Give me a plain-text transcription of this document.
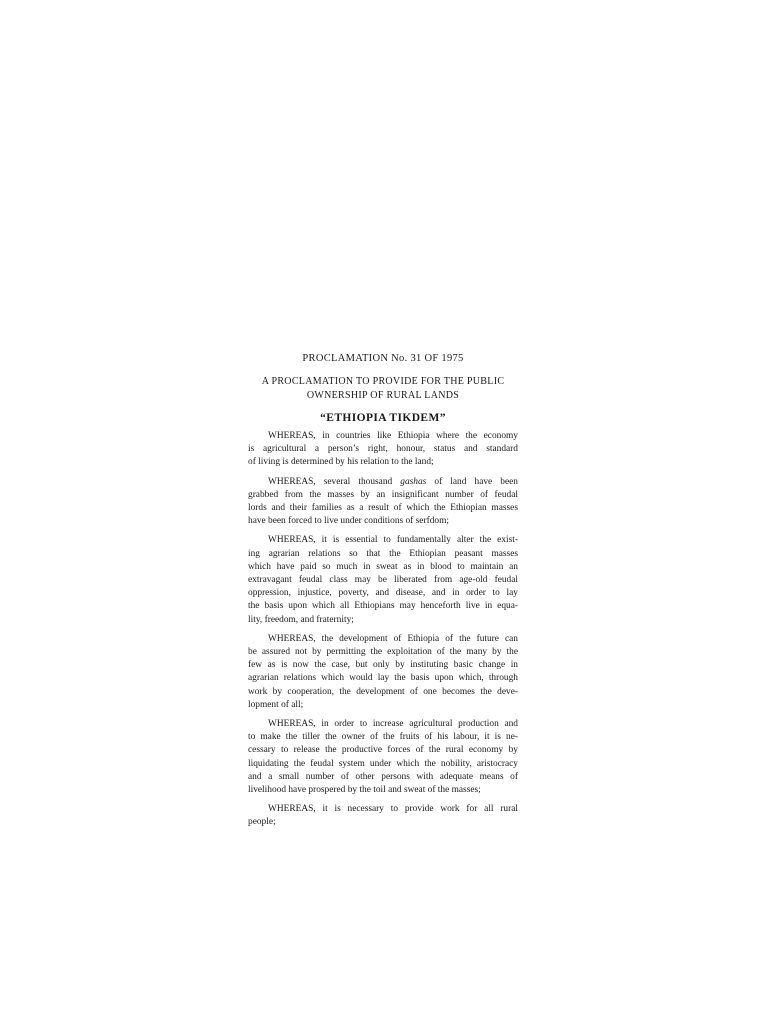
PROCLAMATION No. 31 OF 1975
A PROCLAMATION TO PROVIDE FOR THE PUBLIC
OWNERSHIP OF RURAL LANDS
“ETHIOPIA TIKDEM”
WHEREAS, in countries like Ethiopia where the economy
is agricultural a person’s right, honour, status and standard
of living is determined by his relation to the land;
WHEREAS, several thousand gashas of land have been
grabbed from the masses by an insignificant number of feudal
lords and their families as a result of which the Ethiopian masses
have been forced to live under conditions of serfdom;
WHEREAS, it is essential to fundamentally alter the exist-
ing agrarian relations so that the Ethiopian peasant masses
which have paid so much in sweat as in blood to maintain an
extravagant feudal class may be liberated from age-old feudal
oppression, injustice, poverty, and disease, and in order to lay
the basis upon which all Ethiopians may henceforth live in equa-
lity, freedom, and fraternity;
WHEREAS, the development of Ethiopia of the future can
be assured not by permitting the exploitation of the many by the
few as is now the case, but only by instituting basic change in
agrarian relations which would lay the basis upon which, through
work by cooperation, the development of one becomes the deve-
lopment of all;
WHEREAS, in order to increase agricultural production and
to make the tiller the owner of the fruits of his labour, it is ne-
cessary to release the productive forces of the rural economy by
liquidating the feudal system under which the nobility, aristocracy
and a small number of other persons with adequate means of
livelihood have prospered by the toil and sweat of the masses;
WHEREAS, it is necessary to provide work for all rural
people;
